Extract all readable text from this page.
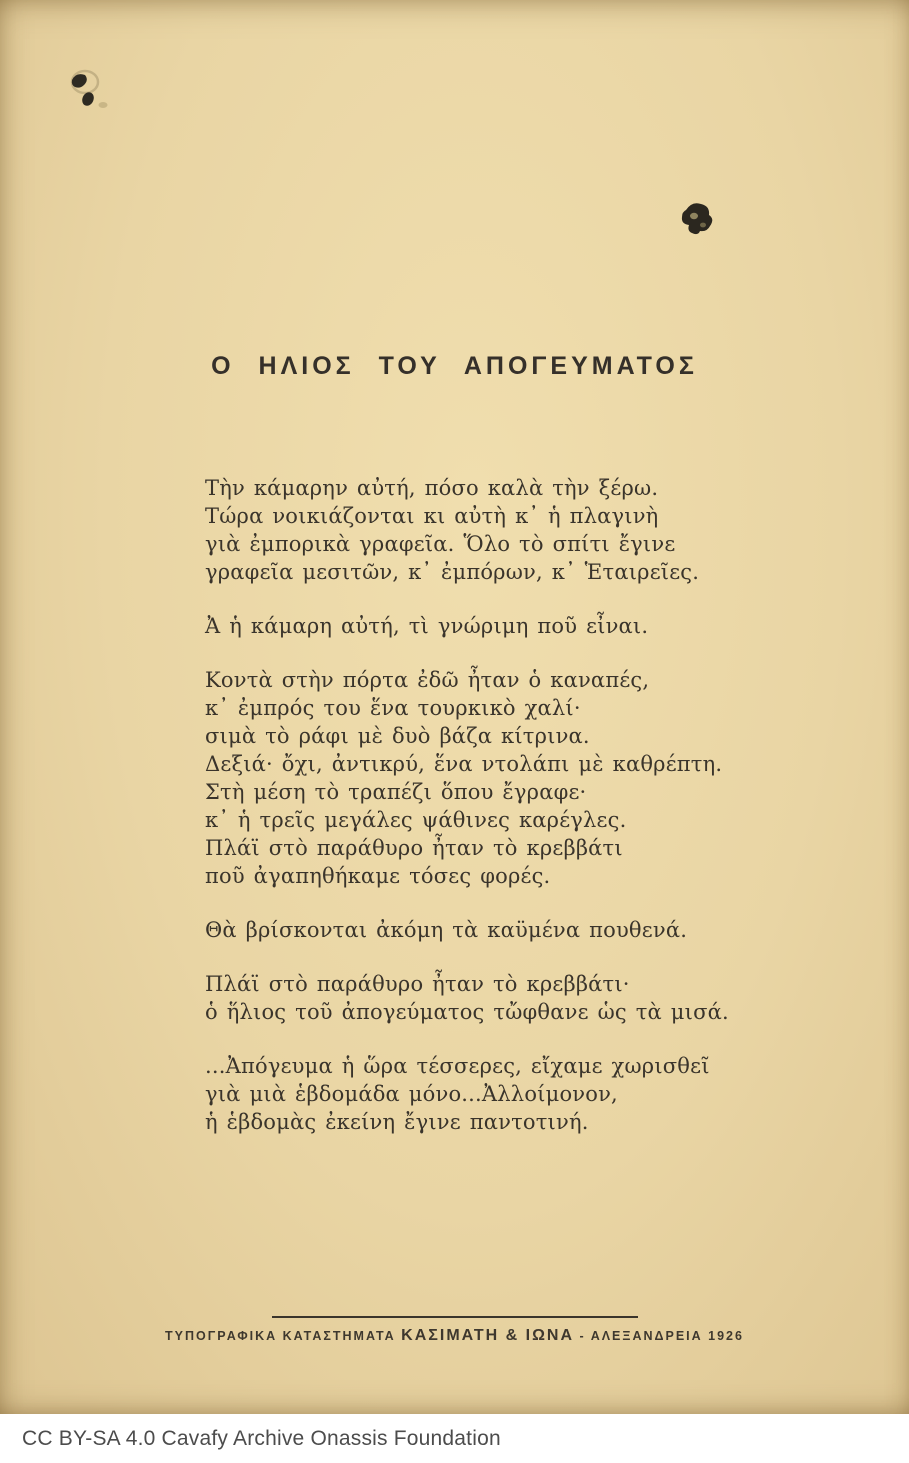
Ο ΗΛΙΟΣ ΤΟΥ ΑΠΟΓΕΥΜΑΤΟΣ
Τὴν κάμαρην αὐτή, πόσο καλὰ τὴν ξέρω.
Τώρα νοικιάζονται κι αὐτὴ κ᾽ ἡ πλαγινὴ
γιὰ ἐμπορικὰ γραφεῖα. Ὅλο τὸ σπίτι ἔγινε
γραφεῖα μεσιτῶν, κ᾽ ἐμπόρων, κ᾽ Ἑταιρεῖες.
Ἀ ἡ κάμαρη αὐτή, τὶ γνώριμη ποῦ εἶναι.
Κοντὰ στὴν πόρτα ἐδῶ ἦταν ὁ καναπές,
κ᾽ ἐμπρός του ἕνα τουρκικὸ χαλί·
σιμὰ τὸ ράφι μὲ δυὸ βάζα κίτρινα.
Δεξιά· ὄχι, ἀντικρύ, ἕνα ντολάπι μὲ καθρέπτη.
Στὴ μέση τὸ τραπέζι ὅπου ἔγραφε·
κ᾽ ἡ τρεῖς μεγάλες ψάθινες καρέγλες.
Πλάϊ στὸ παράθυρο ἦταν τὸ κρεββάτι
ποῦ ἀγαπηθήκαμε τόσες φορές.
Θὰ βρίσκονται ἀκόμη τὰ καϋμένα πουθενά.
Πλάϊ στὸ παράθυρο ἦταν τὸ κρεββάτι·
ὁ ἥλιος τοῦ ἀπογεύματος τὤφθανε ὡς τὰ μισά.
...Ἀπόγευμα ἡ ὥρα τέσσερες, εἴχαμε χωρισθεῖ
γιὰ μιὰ ἑβδομάδα μόνο...Ἀλλοίμονον,
ἡ ἑβδομὰς ἐκείνη ἔγινε παντοτινή.
ΤΥΠΟΓΡΑΦΙΚΑ ΚΑΤΑΣΤΗΜΑΤΑ ΚΑΣΙΜΑΤΗ & ΙΩΝΑ - ΑΛΕΞΑΝΔΡΕΙΑ 1926
CC BY-SA 4.0 Cavafy Archive Onassis Foundation
